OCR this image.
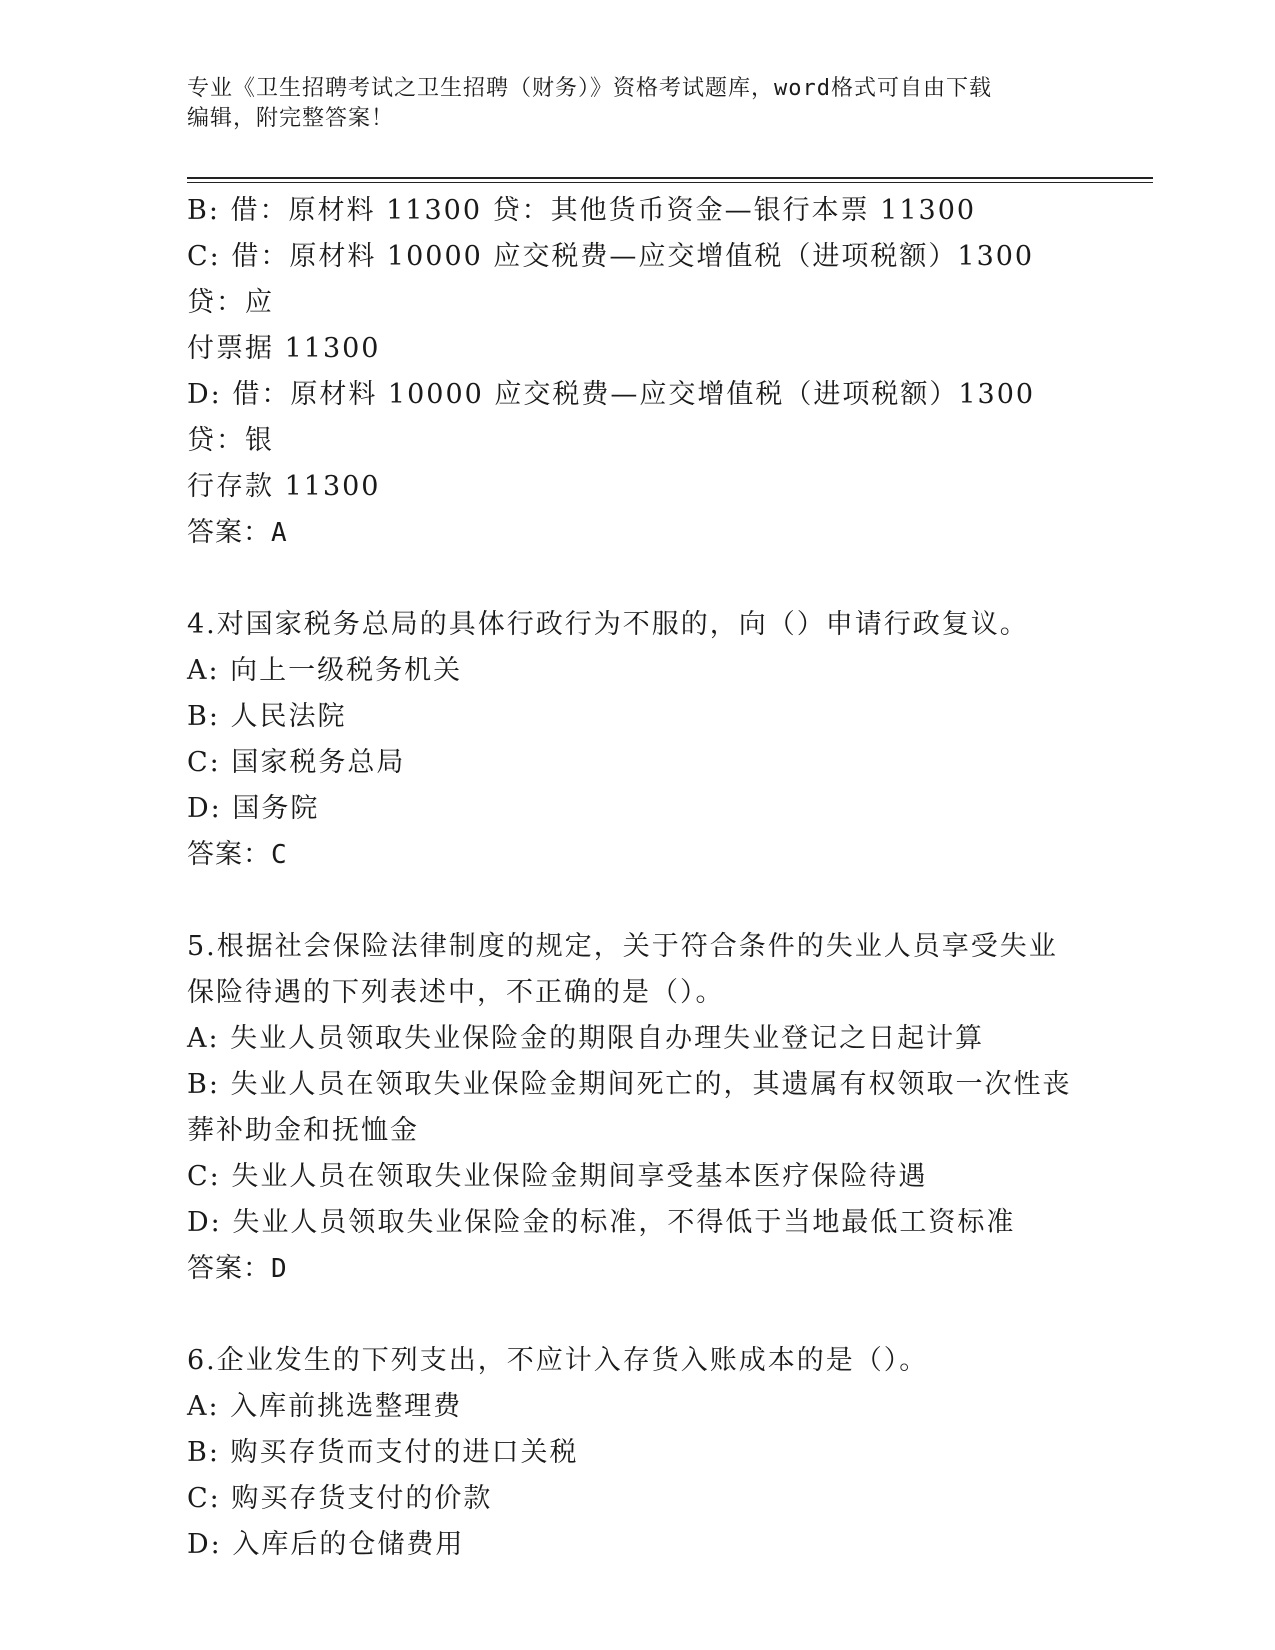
专业《卫生招聘考试之卫生招聘（财务）》资格考试题库，word格式可自由下载

编辑，附完整答案！

B: 借：原材料 11300 贷：其他货币资金—银行本票 11300

C: 借：原材料 10000 应交税费—应交增值税（进项税额）1300 贷：应

付票据 11300

D: 借：原材料 10000 应交税费—应交增值税（进项税额）1300 贷：银

行存款 11300

答案：A

4.对国家税务总局的具体行政行为不服的，向（）申请行政复议。

A: 向上一级税务机关

B: 人民法院

C: 国家税务总局

D: 国务院

答案：C

5.根据社会保险法律制度的规定，关于符合条件的失业人员享受失业

保险待遇的下列表述中，不正确的是（）。

A: 失业人员领取失业保险金的期限自办理失业登记之日起计算

B: 失业人员在领取失业保险金期间死亡的，其遗属有权领取一次性丧

葬补助金和抚恤金

C: 失业人员在领取失业保险金期间享受基本医疗保险待遇

D: 失业人员领取失业保险金的标准，不得低于当地最低工资标准

答案：D

6.企业发生的下列支出，不应计入存货入账成本的是（）。

A: 入库前挑选整理费

B: 购买存货而支付的进口关税

C: 购买存货支付的价款

D: 入库后的仓储费用
